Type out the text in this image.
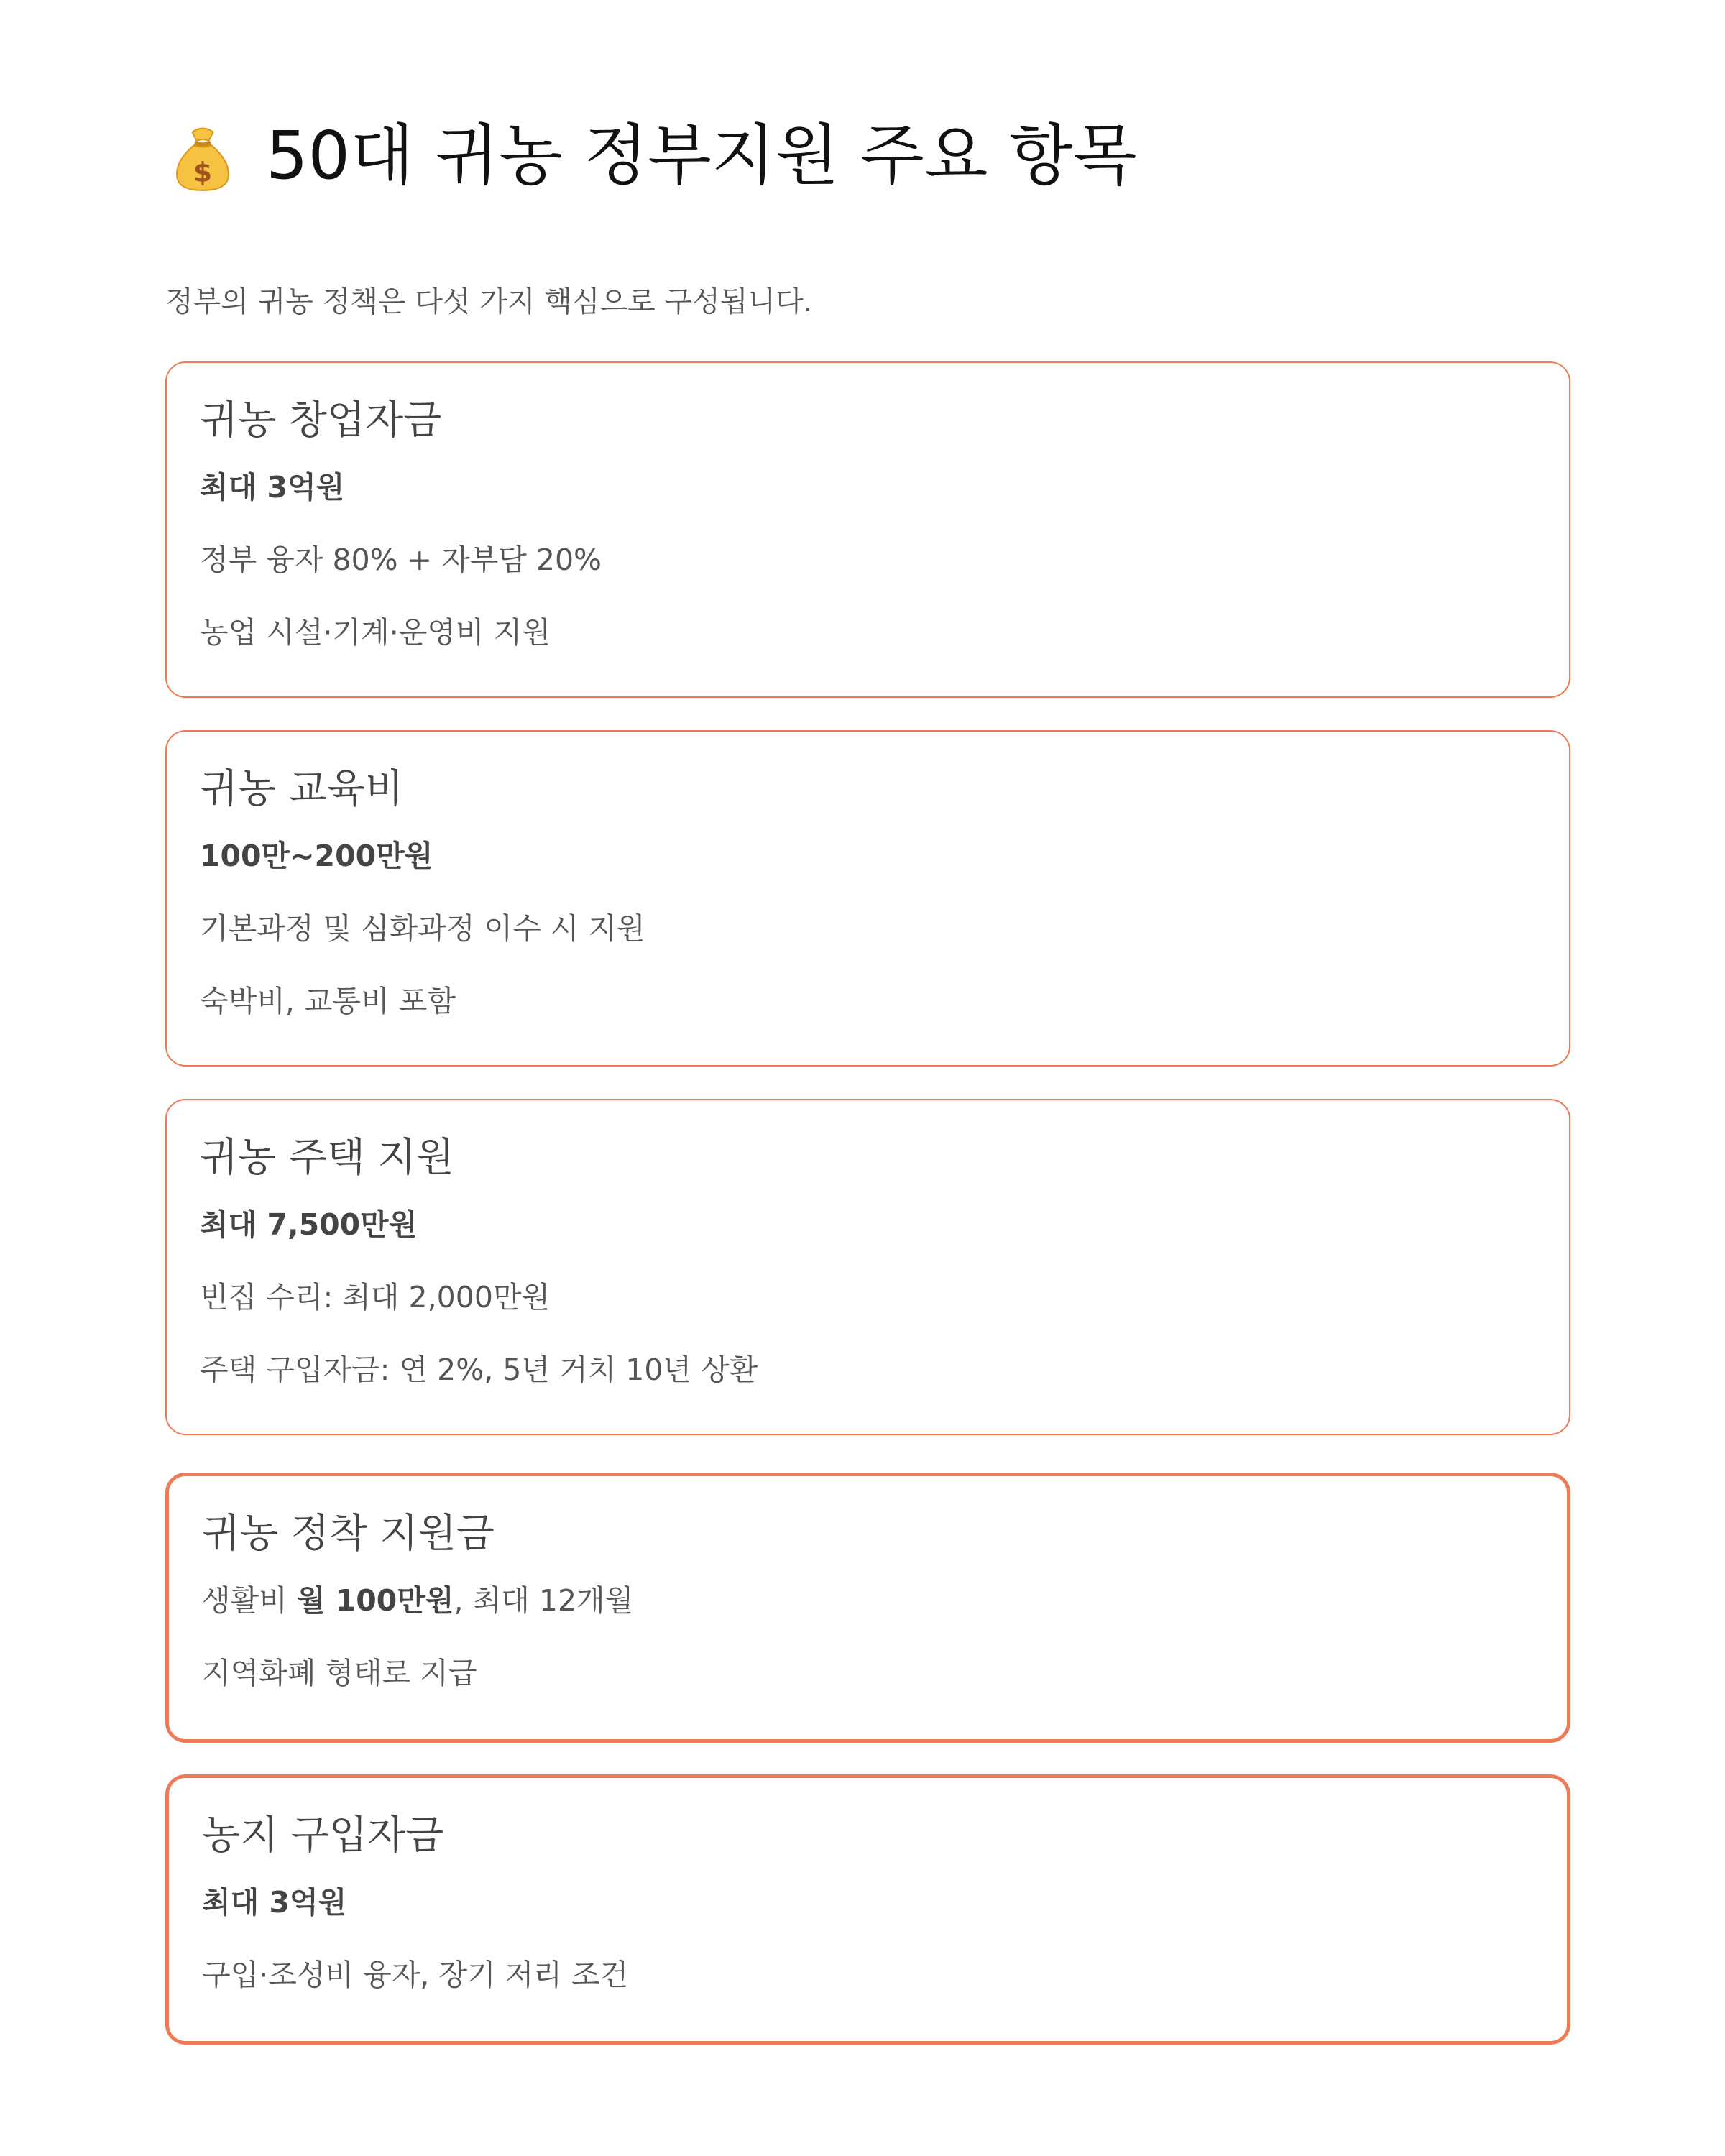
$ 50대 귀농 정부지원 주요 항목

정부의 귀농 정책은 다섯 가지 핵심으로 구성됩니다.

귀농 창업자금

최대 3억원

정부 융자 80% + 자부담 20%

농업 시설·기계·운영비 지원

귀농 교육비

100만~200만원

기본과정 및 심화과정 이수 시 지원

숙박비, 교통비 포함

귀농 주택 지원

최대 7,500만원

빈집 수리: 최대 2,000만원

주택 구입자금: 연 2%, 5년 거치 10년 상환

귀농 정착 지원금

생활비 월 100만원, 최대 12개월

지역화폐 형태로 지급

농지 구입자금

최대 3억원

구입·조성비 융자, 장기 저리 조건
